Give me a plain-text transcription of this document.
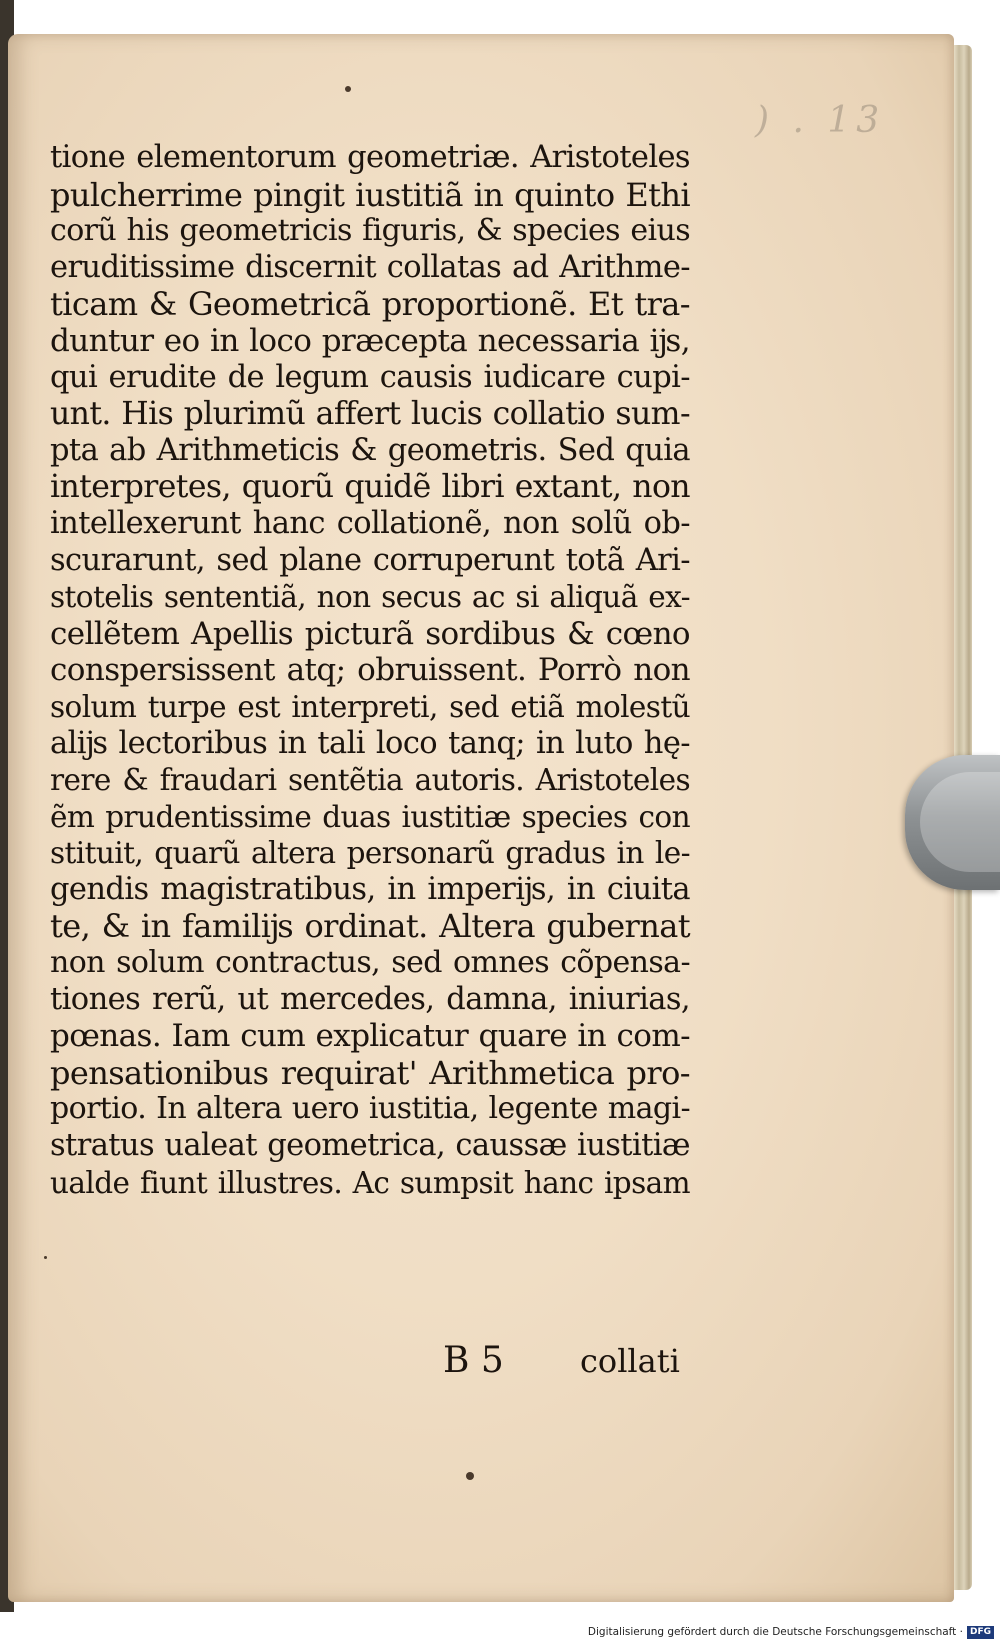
) . 13
tione elementorum geometriæ. Aristoteles
pulcherrime pingit iustitiã in quinto Ethi
corũ his geometricis figuris, & species eius
eruditissime discernit collatas ad Arithme-
ticam & Geometricã proportionẽ. Et tra-
duntur eo in loco præcepta necessaria ĳs,
qui erudite de legum causis iudicare cupi-
unt. His plurimũ affert lucis collatio sum-
pta ab Arithmeticis & geometris. Sed quia
interpretes, quorũ quidẽ libri extant, non
intellexerunt hanc collationẽ, non solũ ob-
scurarunt, sed plane corruperunt totã Ari-
stotelis sententiã, non secus ac si aliquã ex-
cellẽtem Apellis picturã sordibus & cœno
conspersissent atq; obruissent. Porrò non
solum turpe est interpreti, sed etiã molestũ
alĳs lectoribus in tali loco tanq; in luto hę-
rere & fraudari sentẽtia autoris. Aristoteles
ẽm prudentissime duas iustitiæ species con
stituit, quarũ altera personarũ gradus in le-
gendis magistratibus, in imperĳs, in ciuita
te, & in familĳs ordinat. Altera gubernat
non solum contractus, sed omnes cõpensa-
tiones rerũ, ut mercedes, damna, iniurias,
pœnas. Iam cum explicatur quare in com-
pensationibus requirat' Arithmetica pro-
portio. In altera uero iustitia, legente magi-
stratus ualeat geometrica, caussæ iustitiæ
ualde fiunt illustres. Ac sumpsit hanc ipsam
B 5 collati
Digitalisierung gefördert durch die Deutsche Forschungsgemeinschaft · DFG
